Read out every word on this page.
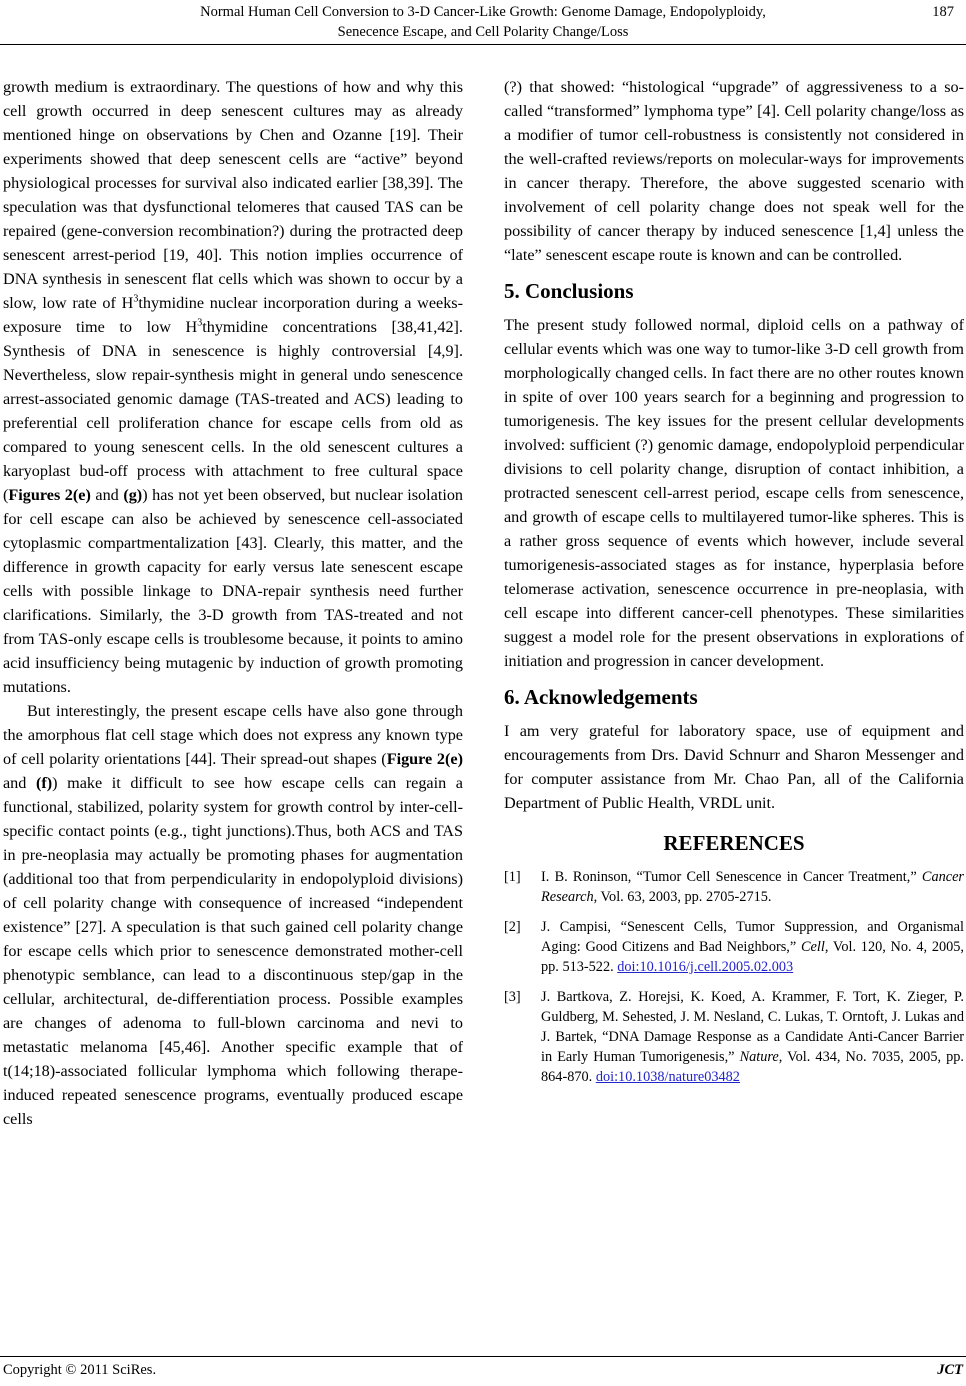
Normal Human Cell Conversion to 3-D Cancer-Like Growth: Genome Damage, Endopolyploidy,
Senecence Escape, and Cell Polarity Change/Loss
187

growth medium is extraordinary. The questions of how and why this cell growth occurred in deep senescent cultures may as already mentioned hinge on observations by Chen and Ozanne [19]. Their experiments showed that deep senescent cells are “active” beyond physiological processes for survival also indicated earlier [38,39]. The speculation was that dysfunctional telomeres that caused TAS can be repaired (gene-conversion recombination?) during the protracted deep senescent arrest-period [19, 40]. This notion implies occurrence of DNA synthesis in senescent flat cells which was shown to occur by a slow, low rate of $H^3thymidine$ nuclear incorporation during a weeks-exposure time to low $H^3thymidine$ concentrations [38,41,42]. Synthesis of DNA in senescence is highly controversial [4,9]. Nevertheless, slow repair-synthesis might in general undo senescence arrest-associated genomic damage (TAS-treated and ACS) leading to preferential cell proliferation chance for escape cells from old as compared to young senescent cells. In the old senescent cultures a karyoplast bud-off process with attachment to free cultural space (Figures 2(e) and (g)) has not yet been observed, but nuclear isolation for cell escape can also be achieved by senescence cell-associated cytoplasmic compartmentalization [43]. Clearly, this matter, and the difference in growth capacity for early versus late senescent escape cells with possible linkage to DNA-repair synthesis need further clarifications. Similarly, the 3-D growth from TAS-treated and not from TAS-only escape cells is troublesome because, it points to amino acid insufficiency being mutagenic by induction of growth promoting mutations.

But interestingly, the present escape cells have also gone through the amorphous flat cell stage which does not express any known type of cell polarity orientations [44]. Their spread-out shapes (Figure 2(e) and (f)) make it difficult to see how escape cells can regain a functional, stabilized, polarity system for growth control by inter-cell-specific contact points (e.g., tight junctions).Thus, both ACS and TAS in pre-neoplasia may actually be promoting phases for augmentation (additional too that from perpendicularity in endopolyploid divisions) of cell polarity change with consequence of increased “independent existence” [27]. A speculation is that such gained cell polarity change for escape cells which prior to senescence demonstrated mother-cell phenotypic semblance, can lead to a discontinuous step/gap in the cellular, architectural, de-differentiation process. Possible examples are changes of adenoma to full-blown carcinoma and nevi to metastatic melanoma [45,46]. Another specific example that of t(14;18)-associated follicular lymphoma which following therape-induced repeated senescence programs, eventually produced escape cells

(?) that showed: “histological “upgrade” of aggressiveness to a so-called “transformed” lymphoma type” [4]. Cell polarity change/loss as a modifier of tumor cell-robustness is consistently not considered in the well-crafted reviews/reports on molecular-ways for improvements in cancer therapy. Therefore, the above suggested scenario with involvement of cell polarity change does not speak well for the possibility of cancer therapy by induced senescence [1,4] unless the “late” senescent escape route is known and can be controlled.

5. Conclusions

The present study followed normal, diploid cells on a pathway of cellular events which was one way to tumor-like 3-D cell growth from morphologically changed cells. In fact there are no other routes known in spite of over 100 years search for a beginning and progression to tumorigenesis. The key issues for the present cellular developments involved: sufficient (?) genomic damage, endopolyploid perpendicular divisions to cell polarity change, disruption of contact inhibition, a protracted senescent cell-arrest period, escape cells from senescence, and growth of escape cells to multilayered tumor-like spheres. This is a rather gross sequence of events which however, include several tumorigenesis-associated stages as for instance, hyperplasia before telomerase activation, senescence occurrence in pre-neoplasia, with cell escape into different cancer-cell phenotypes. These similarities suggest a model role for the present observations in explorations of initiation and progression in cancer development.

6. Acknowledgements

I am very grateful for laboratory space, use of equipment and encouragements from Drs. David Schnurr and Sharon Messenger and for computer assistance from Mr. Chao Pan, all of the California Department of Public Health, VRDL unit.

REFERENCES
[1] I. B. Roninson, “Tumor Cell Senescence in Cancer Treatment,” Cancer Research, Vol. 63, 2003, pp. 2705-2715.
[2] J. Campisi, “Senescent Cells, Tumor Suppression, and Organismal Aging: Good Citizens and Bad Neighbors,” Cell, Vol. 120, No. 4, 2005, pp. 513-522. doi:10.1016/j.cell.2005.02.003
[3] J. Bartkova, Z. Horejsi, K. Koed, A. Krammer, F. Tort, K. Zieger, P. Guldberg, M. Sehested, J. M. Nesland, C. Lukas, T. Orntoft, J. Lukas and J. Bartek, “DNA Damage Response as a Candidate Anti-Cancer Barrier in Early Human Tumorigenesis,” Nature, Vol. 434, No. 7035, 2005, pp. 864-870. doi:10.1038/nature03482
Copyright © 2011 SciRes.	JCT
